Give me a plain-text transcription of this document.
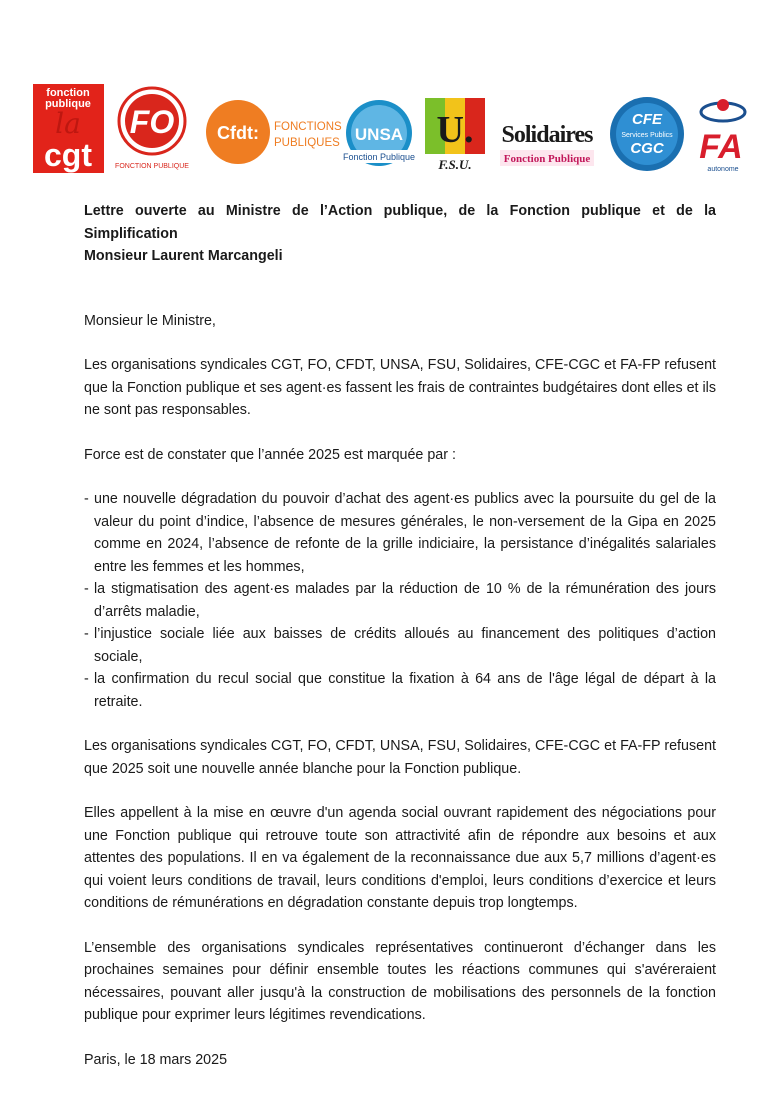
fonction
publique
la
cgt
FO
FONCTION PUBLIQUE
Cfdt: FONCTIONS
PUBLIQUES UNSA
Fonction Publique
U.
F.S.U.
Solidaires
Fonction Publique
CFE
Services Publics
CGC FA
autonome

Lettre ouverte au Ministre de l’Action publique, de la Fonction publique et de la Simplification

Monsieur Laurent Marcangeli

Monsieur le Ministre,

Les organisations syndicales CGT, FO, CFDT, UNSA, FSU, Solidaires, CFE-CGC et FA-FP refusent que la Fonction publique et ses agent·es fassent les frais de contraintes budgétaires dont elles et ils ne sont pas responsables.

Force est de constater que l’année 2025 est marquée par :

- une nouvelle dégradation du pouvoir d’achat des agent·es publics avec la poursuite du gel de la valeur du point d’indice, l’absence de mesures générales, le non-versement de la Gipa en 2025 comme en 2024, l’absence de refonte de la grille indiciaire, la persistance d’inégalités salariales entre les femmes et les hommes,
- la stigmatisation des agent·es malades par la réduction de 10 % de la rémunération des jours d’arrêts maladie,
- l’injustice sociale liée aux baisses de crédits alloués au financement des politiques d’action sociale,
- la confirmation du recul social que constitue la fixation à 64 ans de l'âge légal de départ à la retraite.

Les organisations syndicales CGT, FO, CFDT, UNSA, FSU, Solidaires, CFE-CGC et FA-FP refusent que 2025 soit une nouvelle année blanche pour la Fonction publique.

Elles appellent à la mise en œuvre d'un agenda social ouvrant rapidement des négociations pour une Fonction publique qui retrouve toute son attractivité afin de répondre aux besoins et aux attentes des populations. Il en va également de la reconnaissance due aux 5,7 millions d’agent·es qui voient leurs conditions de travail, leurs conditions d'emploi, leurs conditions d’exercice et leurs conditions de rémunérations en dégradation constante depuis trop longtemps.

L’ensemble des organisations syndicales représentatives continueront d’échanger dans les prochaines semaines pour définir ensemble toutes les réactions communes qui s'avéreraient nécessaires, pouvant aller jusqu'à la construction de mobilisations des personnels de la fonction publique pour exprimer leurs légitimes revendications.

Paris, le 18 mars 2025
